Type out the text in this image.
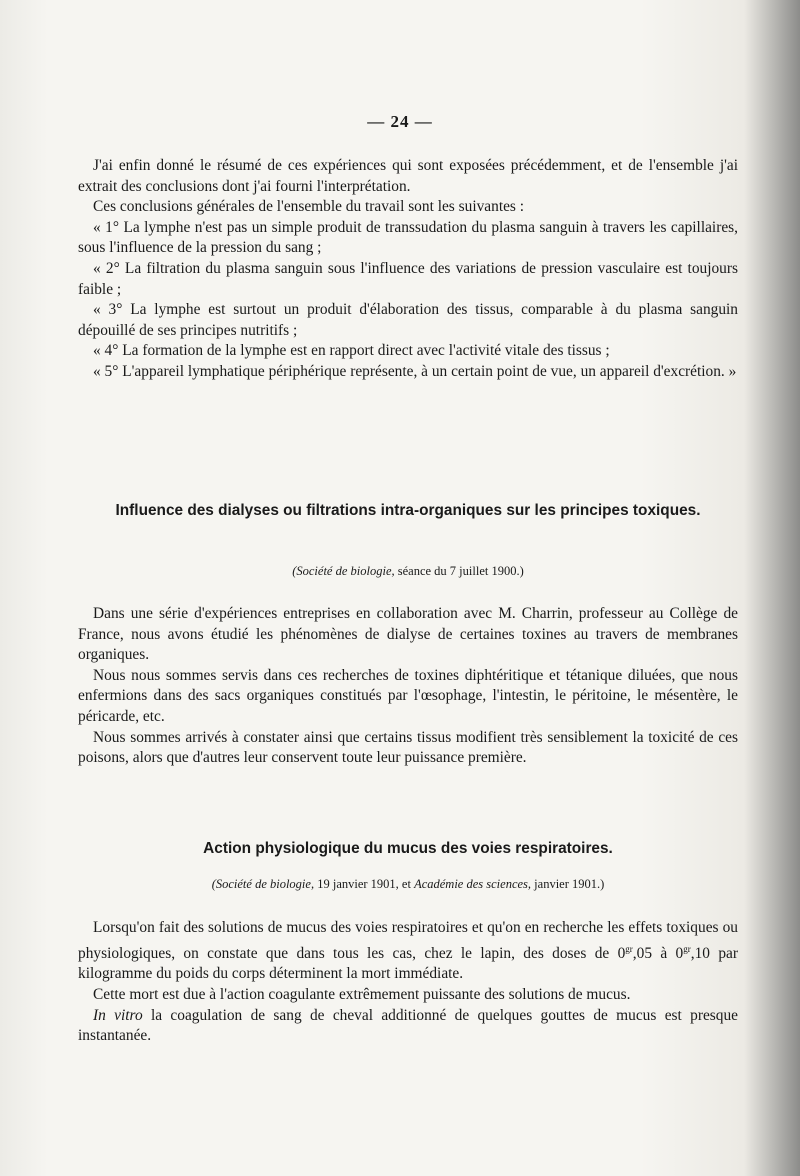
— 24 —

J'ai enfin donné le résumé de ces expériences qui sont exposées précédemment, et de l'ensemble j'ai extrait des conclusions dont j'ai fourni l'interprétation.

Ces conclusions générales de l'ensemble du travail sont les suivantes :

« 1° La lymphe n'est pas un simple produit de transsudation du plasma sanguin à travers les capillaires, sous l'influence de la pression du sang ;

« 2° La filtration du plasma sanguin sous l'influence des variations de pression vasculaire est toujours faible ;

« 3° La lymphe est surtout un produit d'élaboration des tissus, comparable à du plasma sanguin dépouillé de ses principes nutritifs ;

« 4° La formation de la lymphe est en rapport direct avec l'activité vitale des tissus ;

« 5° L'appareil lymphatique périphérique représente, à un certain point de vue, un appareil d'excrétion. »

Influence des dialyses ou filtrations intra-organiques sur les principes toxiques.
(Société de biologie, séance du 7 juillet 1900.)

Dans une série d'expériences entreprises en collaboration avec M. Charrin, professeur au Collège de France, nous avons étudié les phénomènes de dialyse de certaines toxines au travers de membranes organiques.

Nous nous sommes servis dans ces recherches de toxines diphtéritique et tétanique diluées, que nous enfermions dans des sacs organiques constitués par l'œsophage, l'intestin, le péritoine, le mésentère, le péricarde, etc.

Nous sommes arrivés à constater ainsi que certains tissus modifient très sensiblement la toxicité de ces poisons, alors que d'autres leur conservent toute leur puissance première.

Action physiologique du mucus des voies respiratoires.
(Société de biologie, 19 janvier 1901, et Académie des sciences, janvier 1901.)

Lorsqu'on fait des solutions de mucus des voies respiratoires et qu'on en recherche les effets toxiques ou physiologiques, on constate que dans tous les cas, chez le lapin, des doses de $0^{gr},05$ à $0^{gr},10$ par kilogramme du poids du corps déterminent la mort immédiate.

Cette mort est due à l'action coagulante extrêmement puissante des solutions de mucus.

In vitro la coagulation de sang de cheval additionné de quelques gouttes de mucus est presque instantanée.
